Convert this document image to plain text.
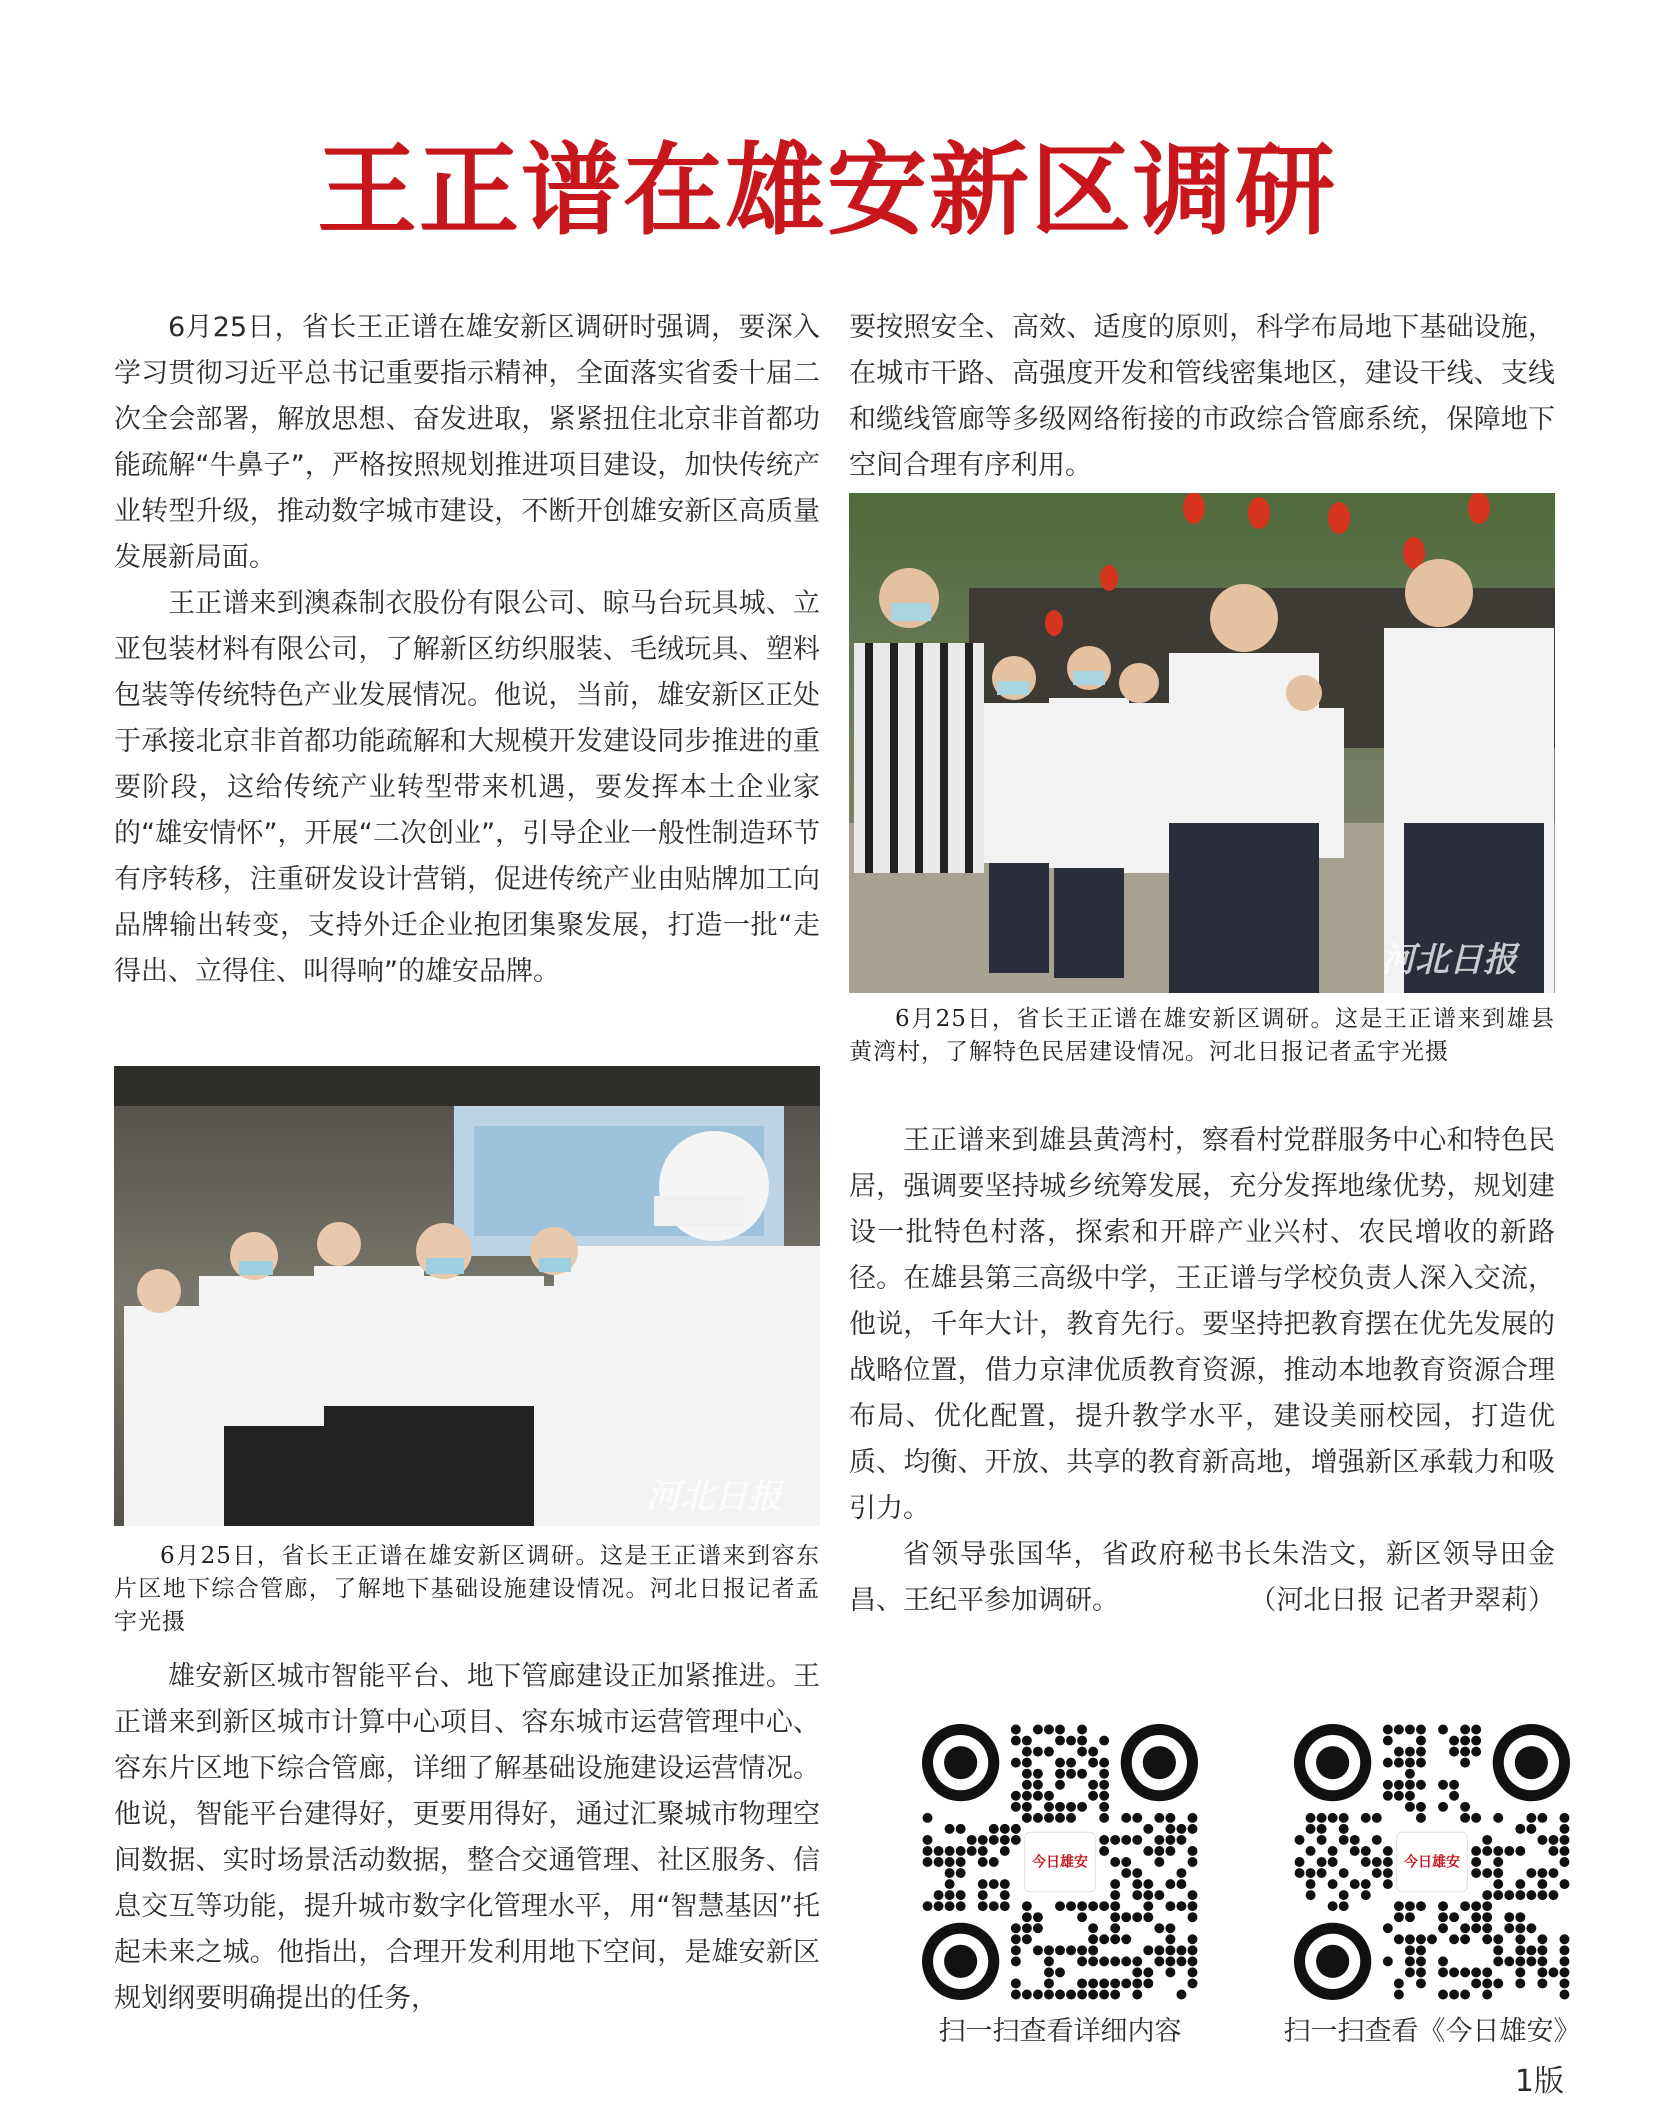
王正谱在雄安新区调研

6月25日，省长王正谱在雄安新区调研时强调，要深入学习贯彻习近平总书记重要指示精神，全面落实省委十届二次全会部署，解放思想、奋发进取，紧紧扭住北京非首都功能疏解“牛鼻子”，严格按照规划推进项目建设，加快传统产业转型升级，推动数字城市建设，不断开创雄安新区高质量发展新局面。

王正谱来到澳森制衣股份有限公司、晾马台玩具城、立亚包装材料有限公司，了解新区纺织服装、毛绒玩具、塑料包装等传统特色产业发展情况。他说，当前，雄安新区正处于承接北京非首都功能疏解和大规模开发建设同步推进的重要阶段，这给传统产业转型带来机遇，要发挥本土企业家的“雄安情怀”，开展“二次创业”，引导企业一般性制造环节有序转移，注重研发设计营销，促进传统产业由贴牌加工向品牌输出转变，支持外迁企业抱团集聚发展，打造一批“走得出、立得住、叫得响”的雄安品牌。

河北日报
6月25日，省长王正谱在雄安新区调研。这是王正谱来到容东片区地下综合管廊，了解地下基础设施建设情况。河北日报记者孟宇光摄

雄安新区城市智能平台、地下管廊建设正加紧推进。王正谱来到新区城市计算中心项目、容东城市运营管理中心、容东片区地下综合管廊，详细了解基础设施建设运营情况。他说，智能平台建得好，更要用得好，通过汇聚城市物理空间数据、实时场景活动数据，整合交通管理、社区服务、信息交互等功能，提升城市数字化管理水平，用“智慧基因”托起未来之城。他指出，合理开发利用地下空间，是雄安新区规划纲要明确提出的任务，

要按照安全、高效、适度的原则，科学布局地下基础设施，在城市干路、高强度开发和管线密集地区，建设干线、支线和缆线管廊等多级网络衔接的市政综合管廊系统，保障地下空间合理有序利用。

河北日报
6月25日，省长王正谱在雄安新区调研。这是王正谱来到雄县黄湾村，了解特色民居建设情况。河北日报记者孟宇光摄

王正谱来到雄县黄湾村，察看村党群服务中心和特色民居，强调要坚持城乡统筹发展，充分发挥地缘优势，规划建设一批特色村落，探索和开辟产业兴村、农民增收的新路径。在雄县第三高级中学，王正谱与学校负责人深入交流，他说，千年大计，教育先行。要坚持把教育摆在优先发展的战略位置，借力京津优质教育资源，推动本地教育资源合理布局、优化配置，提升教学水平，建设美丽校园，打造优质、均衡、开放、共享的教育新高地，增强新区承载力和吸引力。

省领导张国华，省政府秘书长朱浩文，新区领导田金昌、王纪平参加调研。	（河北日报 记者尹翠莉）
今日雄安
扫一扫查看详细内容
今日雄安
扫一扫查看《今日雄安》
1版
